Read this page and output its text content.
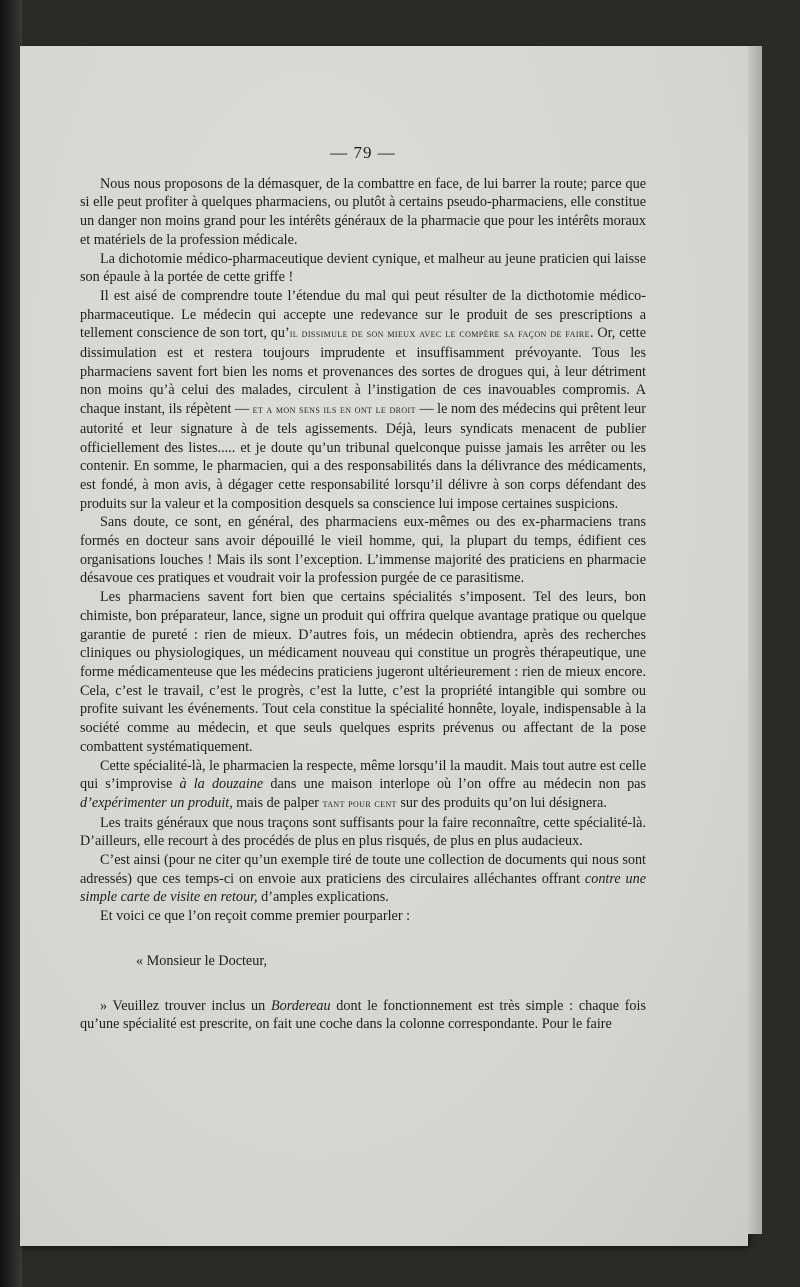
— 79 —

Nous nous proposons de la démasquer, de la combattre en face, de lui barrer la route; parce que si elle peut profiter à quelques pharmaciens, ou plutôt à certains pseudo-pharmaciens, elle constitue un danger non moins grand pour les intérêts généraux de la pharmacie que pour les intérêts moraux et matériels de la profession médicale.

La dichotomie médico-pharmaceutique devient cynique, et malheur au jeune praticien qui laisse son épaule à la portée de cette griffe !

Il est aisé de comprendre toute l’étendue du mal qui peut résulter de la dicthotomie médico-pharmaceutique. Le médecin qui accepte une redevance sur le produit de ses prescriptions a tellement conscience de son tort, qu’il dissimule de son mieux avec le compère sa façon de faire. Or, cette dissimulation est et restera toujours imprudente et insuffisamment prévoyante. Tous les pharmaciens savent fort bien les noms et provenances des sortes de drogues qui, à leur détriment non moins qu’à celui des malades, circulent à l’instigation de ces inavouables compromis. A chaque instant, ils répètent — et a mon sens ils en ont le droit — le nom des médecins qui prêtent leur autorité et leur signature à de tels agissements. Déjà, leurs syndicats menacent de publier officiellement des listes..... et je doute qu’un tribunal quelconque puisse jamais les arrêter ou les contenir. En somme, le pharmacien, qui a des responsabilités dans la délivrance des médicaments, est fondé, à mon avis, à dégager cette responsabilité lorsqu’il délivre à son corps défendant des produits sur la valeur et la composition desquels sa conscience lui impose certaines suspicions.

Sans doute, ce sont, en général, des pharmaciens eux-mêmes ou des ex-pharmaciens trans formés en docteur sans avoir dépouillé le vieil homme, qui, la plupart du temps, édifient ces organisations louches ! Mais ils sont l’exception. L’immense majorité des praticiens en pharmacie désavoue ces pratiques et voudrait voir la profession purgée de ce parasitisme.

Les pharmaciens savent fort bien que certains spécialités s’imposent. Tel des leurs, bon chimiste, bon préparateur, lance, signe un produit qui offrira quelque avantage pratique ou quelque garantie de pureté : rien de mieux. D’autres fois, un médecin obtiendra, après des recherches cliniques ou physiologiques, un médicament nouveau qui constitue un progrès thérapeutique, une forme médicamenteuse que les médecins praticiens jugeront ultérieurement : rien de mieux encore. Cela, c’est le travail, c’est le progrès, c’est la lutte, c’est la propriété intangible qui sombre ou profite suivant les événements. Tout cela constitue la spécialité honnête, loyale, indispensable à la société comme au médecin, et que seuls quelques esprits prévenus ou affectant de la pose combattent systématiquement.

Cette spécialité-là, le pharmacien la respecte, même lorsqu’il la maudit. Mais tout autre est celle qui s’improvise à la douzaine dans une maison interlope où l’on offre au médecin non pas d’expérimenter un produit, mais de palper tant pour cent sur des produits qu’on lui désignera.

Les traits généraux que nous traçons sont suffisants pour la faire reconnaître, cette spécialité-là. D’ailleurs, elle recourt à des procédés de plus en plus risqués, de plus en plus audacieux.

C’est ainsi (pour ne citer qu’un exemple tiré de toute une collection de documents qui nous sont adressés) que ces temps-ci on envoie aux praticiens des circulaires alléchantes offrant contre une simple carte de visite en retour, d’amples explications.

Et voici ce que l’on reçoit comme premier pourparler :

« Monsieur le Docteur,

» Veuillez trouver inclus un Bordereau dont le fonctionnement est très simple : chaque fois qu’une spécialité est prescrite, on fait une coche dans la colonne correspondante. Pour le faire
